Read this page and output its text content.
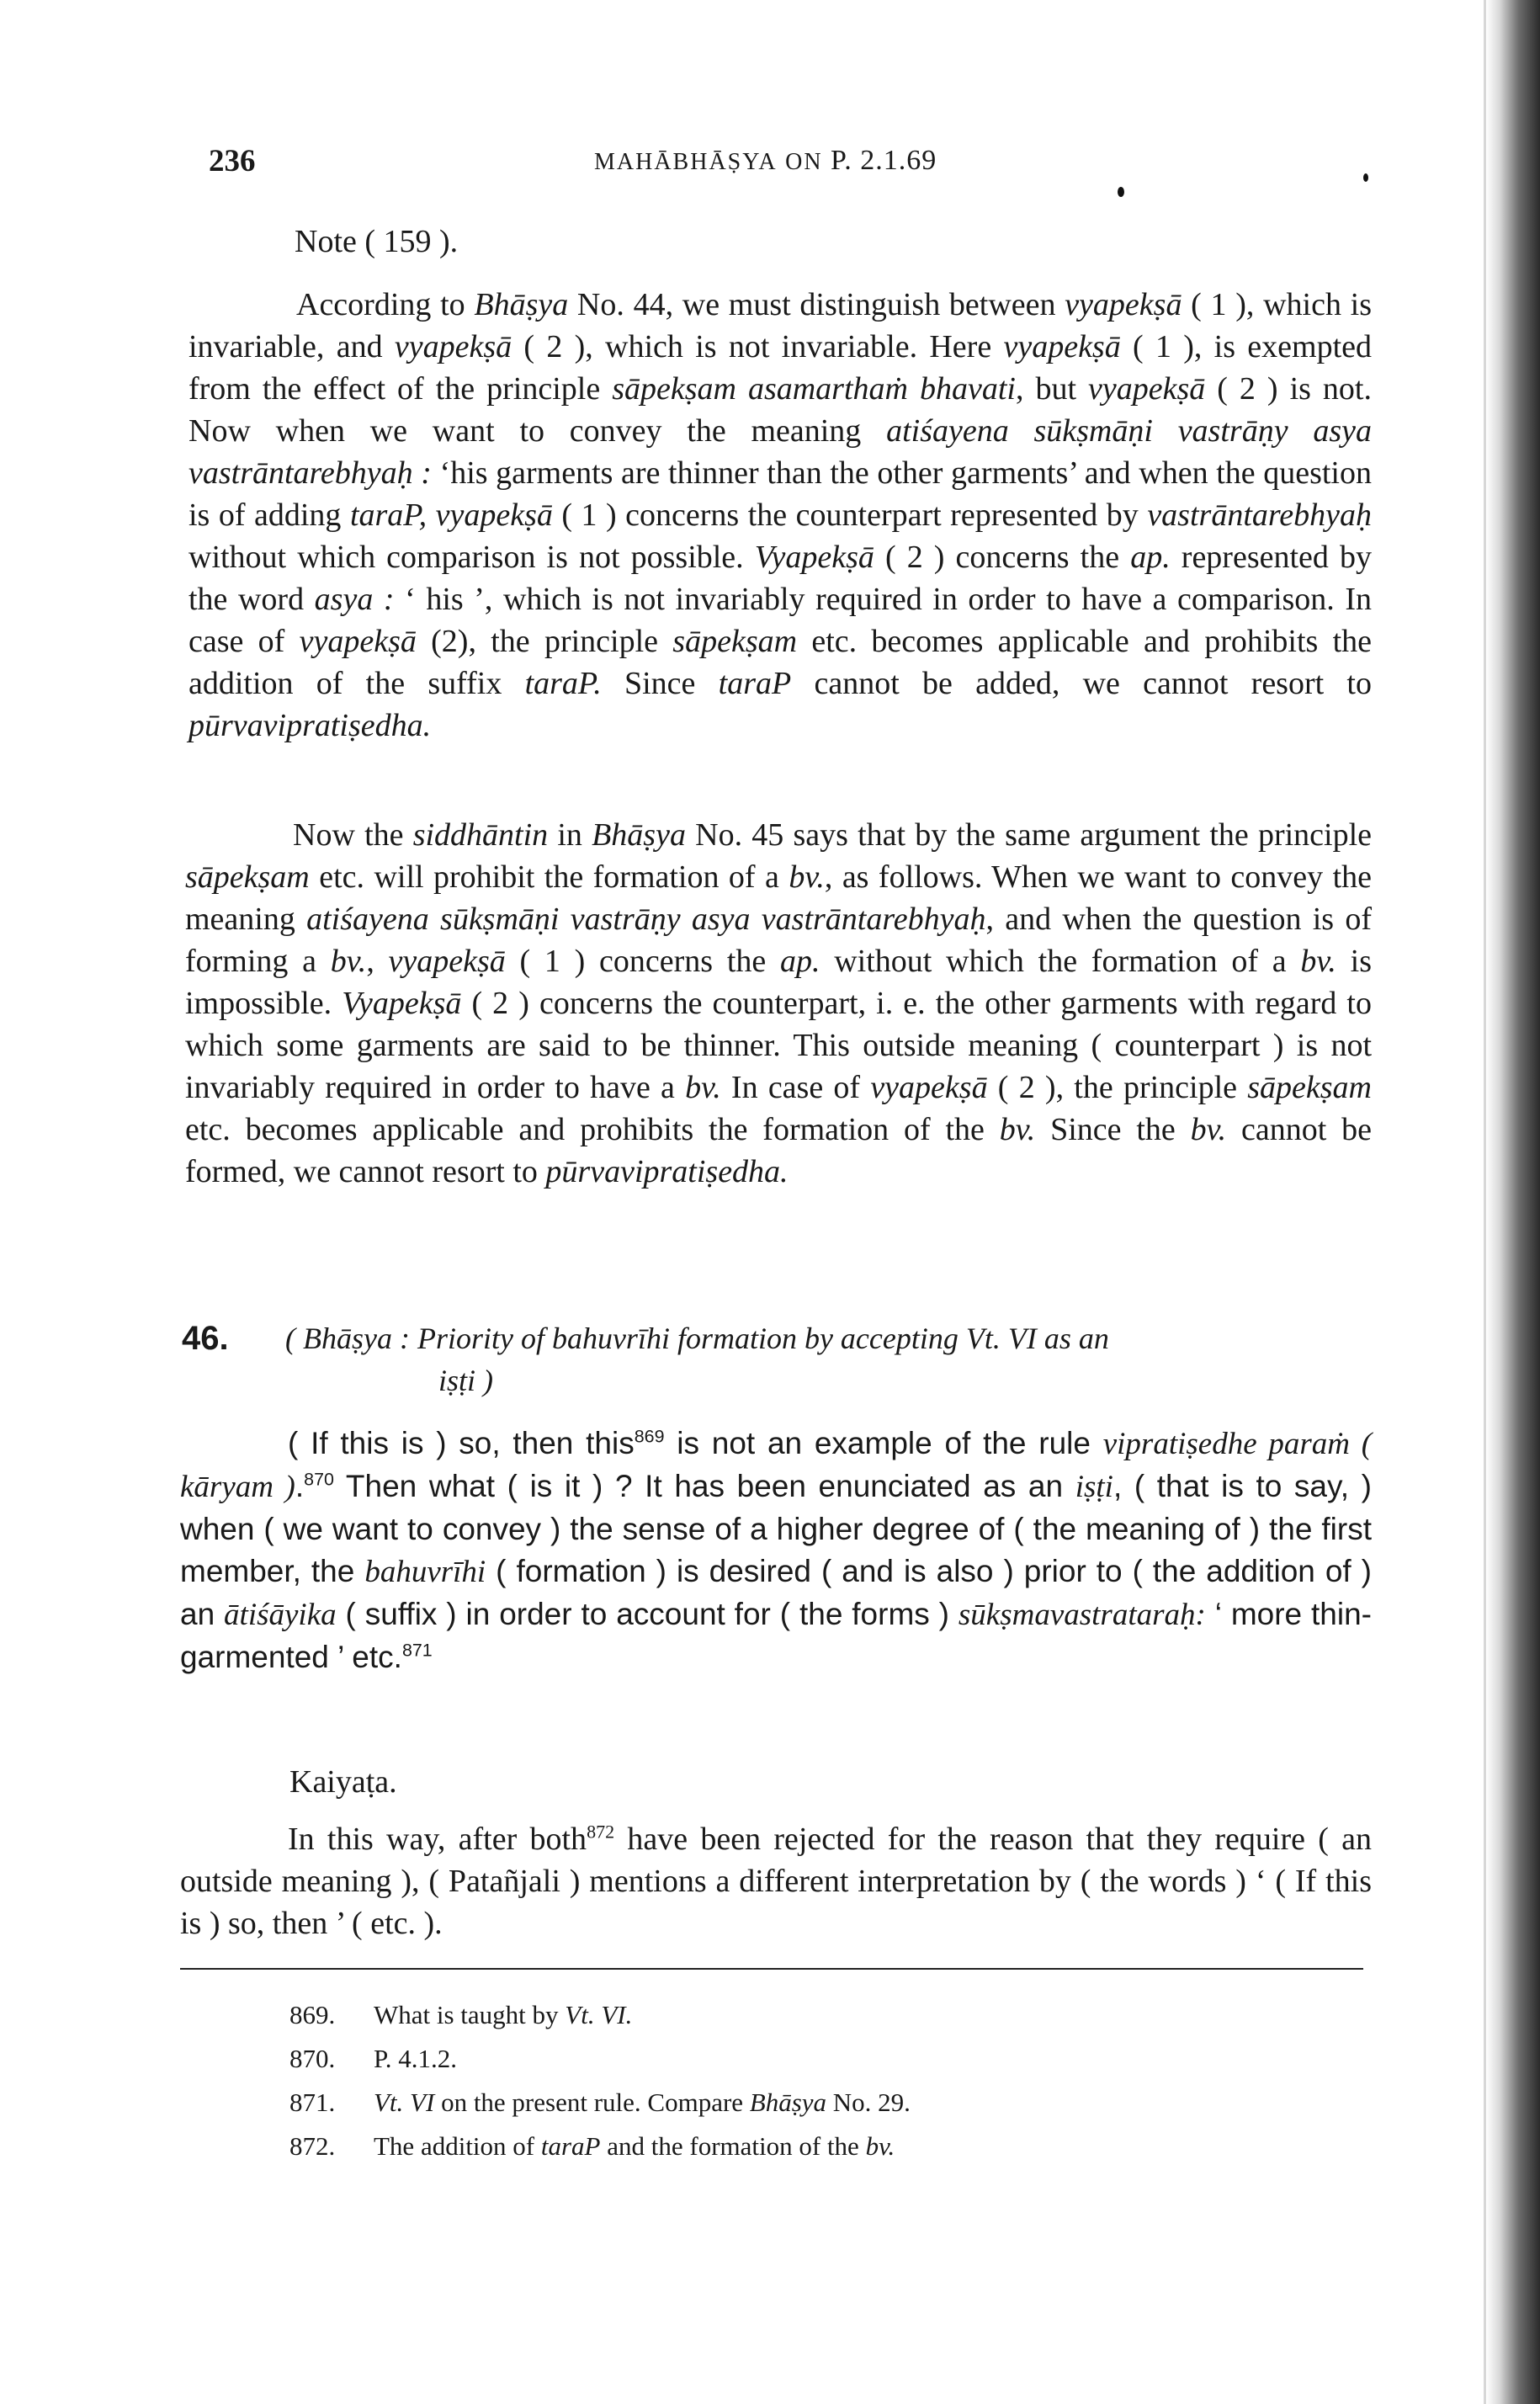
236	MAHĀBHĀṢYA ON P. 2.1.69
Note ( 159 ).

According to Bhāṣya No. 44, we must distinguish between vyapekṣā ( 1 ), which is invariable, and vyapekṣā ( 2 ), which is not invariable. Here vyapekṣā ( 1 ), is exempted from the effect of the principle sāpekṣam asamarthaṁ bhavati, but vyapekṣā ( 2 ) is not. Now when we want to convey the meaning atiśayena sūkṣmāṇi vastrāṇy asya vastrāntarebhyaḥ : ‘his garments are thinner than the other garments’ and when the question is of adding taraP, vyapekṣā ( 1 ) concerns the counterpart represented by vastrāntarebhyaḥ without which comparison is not possible. Vyapekṣā ( 2 ) concerns the ap. represented by the word asya : ‘ his ’, which is not invariably required in order to have a comparison. In case of vyapekṣā (2), the principle sāpekṣam etc. becomes applicable and prohibits the addition of the suffix taraP. Since taraP cannot be added, we cannot resort to pūrvavipratiṣedha.

Now the siddhāntin in Bhāṣya No. 45 says that by the same argument the principle sāpekṣam etc. will prohibit the formation of a bv., as follows. When we want to convey the meaning atiśayena sūkṣmāṇi vastrāṇy asya vastrāntarebhyaḥ, and when the question is of forming a bv., vyapekṣā ( 1 ) concerns the ap. without which the formation of a bv. is impossible. Vyapekṣā ( 2 ) concerns the counterpart, i. e. the other garments with regard to which some garments are said to be thinner. This outside meaning ( counterpart ) is not invariably required in order to have a bv. In case of vyapekṣā ( 2 ), the principle sāpekṣam etc. becomes applicable and prohibits the formation of the bv. Since the bv. cannot be formed, we cannot resort to pūrvavipratiṣedha.

46. ( Bhāṣya : Priority of bahuvrīhi formation by accepting Vt. VI as an
iṣṭi )

( If this is ) so, then this$^{869}$ is not an example of the rule vipratiṣedhe paraṁ ( kāryam ).$^{870}$ Then what ( is it ) ? It has been enunciated as an iṣṭi, ( that is to say, ) when ( we want to convey ) the sense of a higher degree of ( the meaning of ) the first member, the bahuvrīhi ( formation ) is desired ( and is also ) prior to ( the addition of ) an ātiśāyika ( suffix ) in order to account for ( the forms ) sūkṣmavastrataraḥ: ‘ more thin-garmented ’ etc.$^{871}$

Kaiyaṭa.

In this way, after both$^{872}$ have been rejected for the reason that they require ( an outside meaning ), ( Patañjali ) mentions a different interpretation by ( the words ) ‘ ( If this is ) so, then ’ ( etc. ).

869.	What is taught by Vt. VI.
870.	P. 4.1.2.
871.	Vt. VI on the present rule. Compare Bhāṣya No. 29.
872.	The addition of taraP and the formation of the bv.
